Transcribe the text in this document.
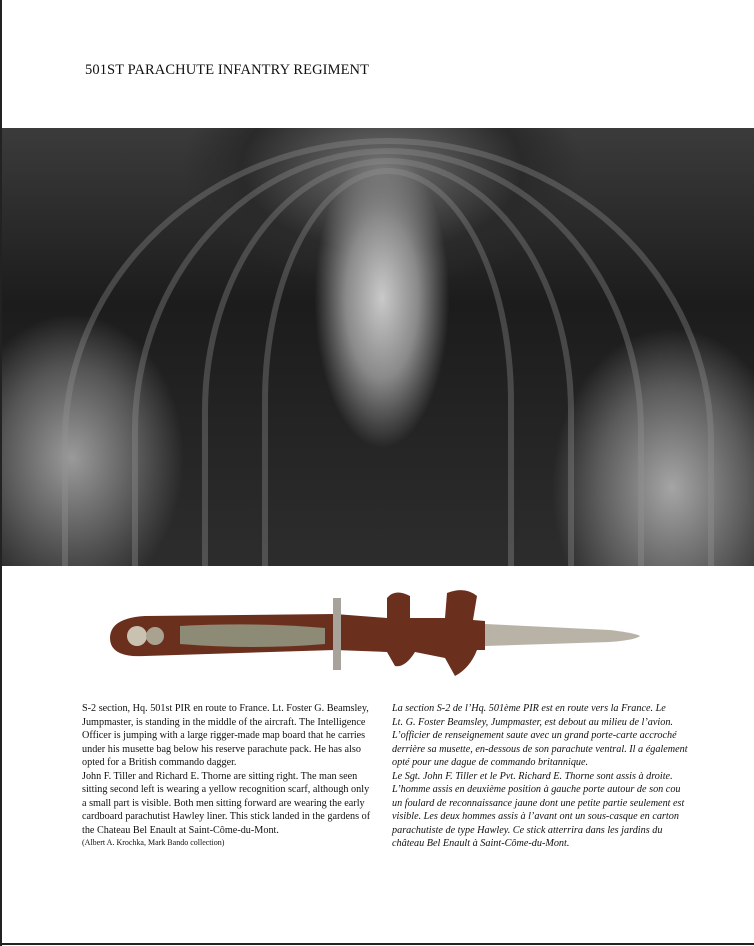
501ST PARACHUTE INFANTRY REGIMENT
S-2 section, Hq. 501st PIR en route to France. Lt. Foster G. Beamsley,
Jumpmaster, is standing in the middle of the aircraft. The Intelligence
Officer is jumping with a large rigger-made map board that he carries
under his musette bag below his reserve parachute pack. He has also
opted for a British commando dagger.
John F. Tiller and Richard E. Thorne are sitting right. The man seen
sitting second left is wearing a yellow recognition scarf, although only
a small part is visible. Both men sitting forward are wearing the early
cardboard parachutist Hawley liner. This stick landed in the gardens of
the Chateau Bel Enault at Saint-Côme-du-Mont.
(Albert A. Krochka, Mark Bando collection)
La section S-2 de l’Hq. 501ème PIR est en route vers la France. Le
Lt. G. Foster Beamsley, Jumpmaster, est debout au milieu de l’avion.
L’officier de renseignement saute avec un grand porte-carte accroché
derrière sa musette, en-dessous de son parachute ventral. Il a également
opté pour une dague de commando britannique.
Le Sgt. John F. Tiller et le Pvt. Richard E. Thorne sont assis à droite.
L’homme assis en deuxième position à gauche porte autour de son cou
un foulard de reconnaissance jaune dont une petite partie seulement est
visible. Les deux hommes assis à l’avant ont un sous-casque en carton
parachutiste de type Hawley. Ce stick atterrira dans les jardins du
château Bel Enault à Saint-Côme-du-Mont.
